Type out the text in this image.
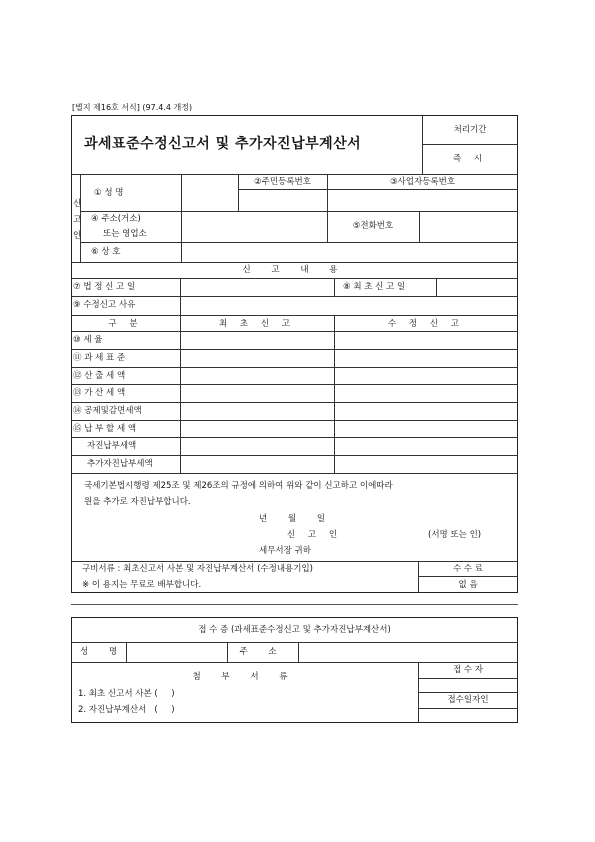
[별지 제16호 서식] (97.4.4 개정)
과세표준수정신고서 및 추가자진납부계산서
처리기간
즉 시
신
고
인
① 성 명
②주민등록번호	③사업자등록번호
④ 주소(거소)
또는 영업소
⑤전화번호
⑥ 상 호
신 고 내 용
⑦ 법 정 신 고 일	⑧ 최 초 신 고 일
⑨ 수정신고 사유
구 분	최 초 신 고	수 정 신 고
⑩ 세 율
⑪ 과 세 표 준
⑫ 산 출 세 액
⑬ 가 산 세 액
⑭ 공제및감면세액
⑮ 납 부 할 세 액
자진납부세액
추가자진납부세액
국세기본법시행령 제25조 및 제26조의 규정에 의하여 위와 같이 신고하고 이에따라
원을 추가로 자진납부합니다.
년 월 일
신 고 인	(서명 또는 인)
세무서장 귀하
구비서류 : 최초신고서 사본 및 자진납부계산서 (수정내용기입)
※ 이 용지는 무료로 배부합니다.
수 수 료
없 음
접 수 증 (과세표준수정신고 및 추가자진납부계산서)
성 명	주 소
접 수 자
접수일자인
첨 부 서 류
1. 최초 신고서 사본 (     )
2. 자진납부계산서   (     )
